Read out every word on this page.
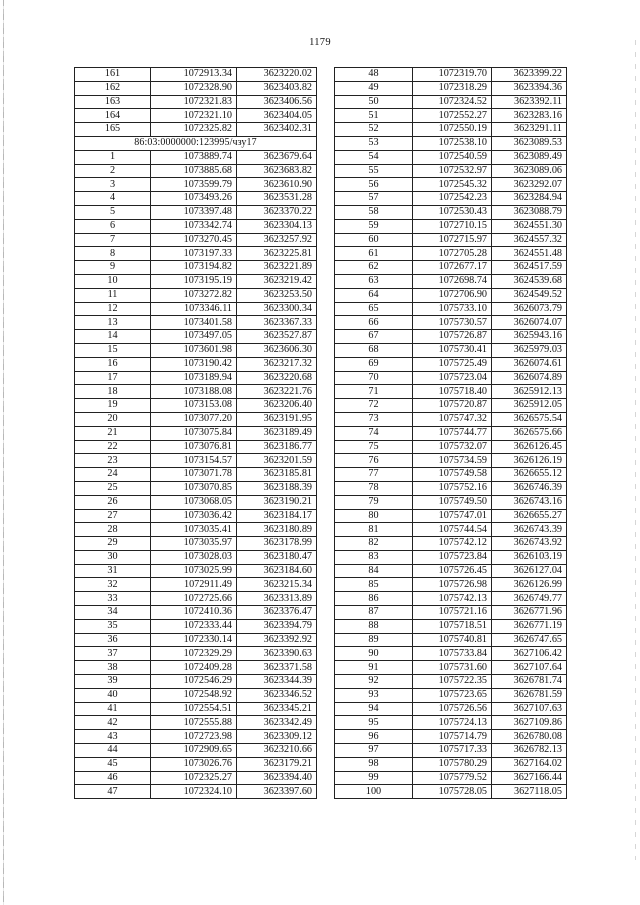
1179
161	1072913.34	3623220.02
162	1072328.90	3623403.82
163	1072321.83	3623406.56
164	1072321.10	3623404.05
165	1072325.82	3623402.31
86:03:0000000:123995/чзу17		
1	1073889.74	3623679.64
2	1073885.68	3623683.82
3	1073599.79	3623610.90
4	1073493.26	3623531.28
5	1073397.48	3623370.22
6	1073342.74	3623304.13
7	1073270.45	3623257.92
8	1073197.33	3623225.81
9	1073194.82	3623221.89
10	1073195.19	3623219.42
11	1073272.82	3623253.50
12	1073346.11	3623300.34
13	1073401.58	3623367.33
14	1073497.05	3623527.87
15	1073601.98	3623606.30
16	1073190.42	3623217.32
17	1073189.94	3623220.68
18	1073188.08	3623221.76
19	1073153.08	3623206.40
20	1073077.20	3623191.95
21	1073075.84	3623189.49
22	1073076.81	3623186.77
23	1073154.57	3623201.59
24	1073071.78	3623185.81
25	1073070.85	3623188.39
26	1073068.05	3623190.21
27	1073036.42	3623184.17
28	1073035.41	3623180.89
29	1073035.97	3623178.99
30	1073028.03	3623180.47
31	1073025.99	3623184.60
32	1072911.49	3623215.34
33	1072725.66	3623313.89
34	1072410.36	3623376.47
35	1072333.44	3623394.79
36	1072330.14	3623392.92
37	1072329.29	3623390.63
38	1072409.28	3623371.58
39	1072546.29	3623344.39
40	1072548.92	3623346.52
41	1072554.51	3623345.21
42	1072555.88	3623342.49
43	1072723.98	3623309.12
44	1072909.65	3623210.66
45	1073026.76	3623179.21
46	1072325.27	3623394.40
47	1072324.10	3623397.60
48	1072319.70	3623399.22
49	1072318.29	3623394.36
50	1072324.52	3623392.11
51	1072552.27	3623283.16
52	1072550.19	3623291.11
53	1072538.10	3623089.53
54	1072540.59	3623089.49
55	1072532.97	3623089.06
56	1072545.32	3623292.07
57	1072542.23	3623284.94
58	1072530.43	3623088.79
59	1072710.15	3624551.30
60	1072715.97	3624557.32
61	1072705.28	3624551.48
62	1072677.17	3624517.59
63	1072698.74	3624539.68
64	1072706.90	3624549.52
65	1075733.10	3626073.79
66	1075730.57	3626074.07
67	1075726.87	3625943.16
68	1075730.41	3625979.03
69	1075725.49	3626074.61
70	1075723.04	3626074.89
71	1075718.40	3625912.13
72	1075720.87	3625912.05
73	1075747.32	3626575.54
74	1075744.77	3626575.66
75	1075732.07	3626126.45
76	1075734.59	3626126.19
77	1075749.58	3626655.12
78	1075752.16	3626746.39
79	1075749.50	3626743.16
80	1075747.01	3626655.27
81	1075744.54	3626743.39
82	1075742.12	3626743.92
83	1075723.84	3626103.19
84	1075726.45	3626127.04
85	1075726.98	3626126.99
86	1075742.13	3626749.77
87	1075721.16	3626771.96
88	1075718.51	3626771.19
89	1075740.81	3626747.65
90	1075733.84	3627106.42
91	1075731.60	3627107.64
92	1075722.35	3626781.74
93	1075723.65	3626781.59
94	1075726.56	3627107.63
95	1075724.13	3627109.86
96	1075714.79	3626780.08
97	1075717.33	3626782.13
98	1075780.29	3627164.02
99	1075779.52	3627166.44
100	1075728.05	3627118.05
